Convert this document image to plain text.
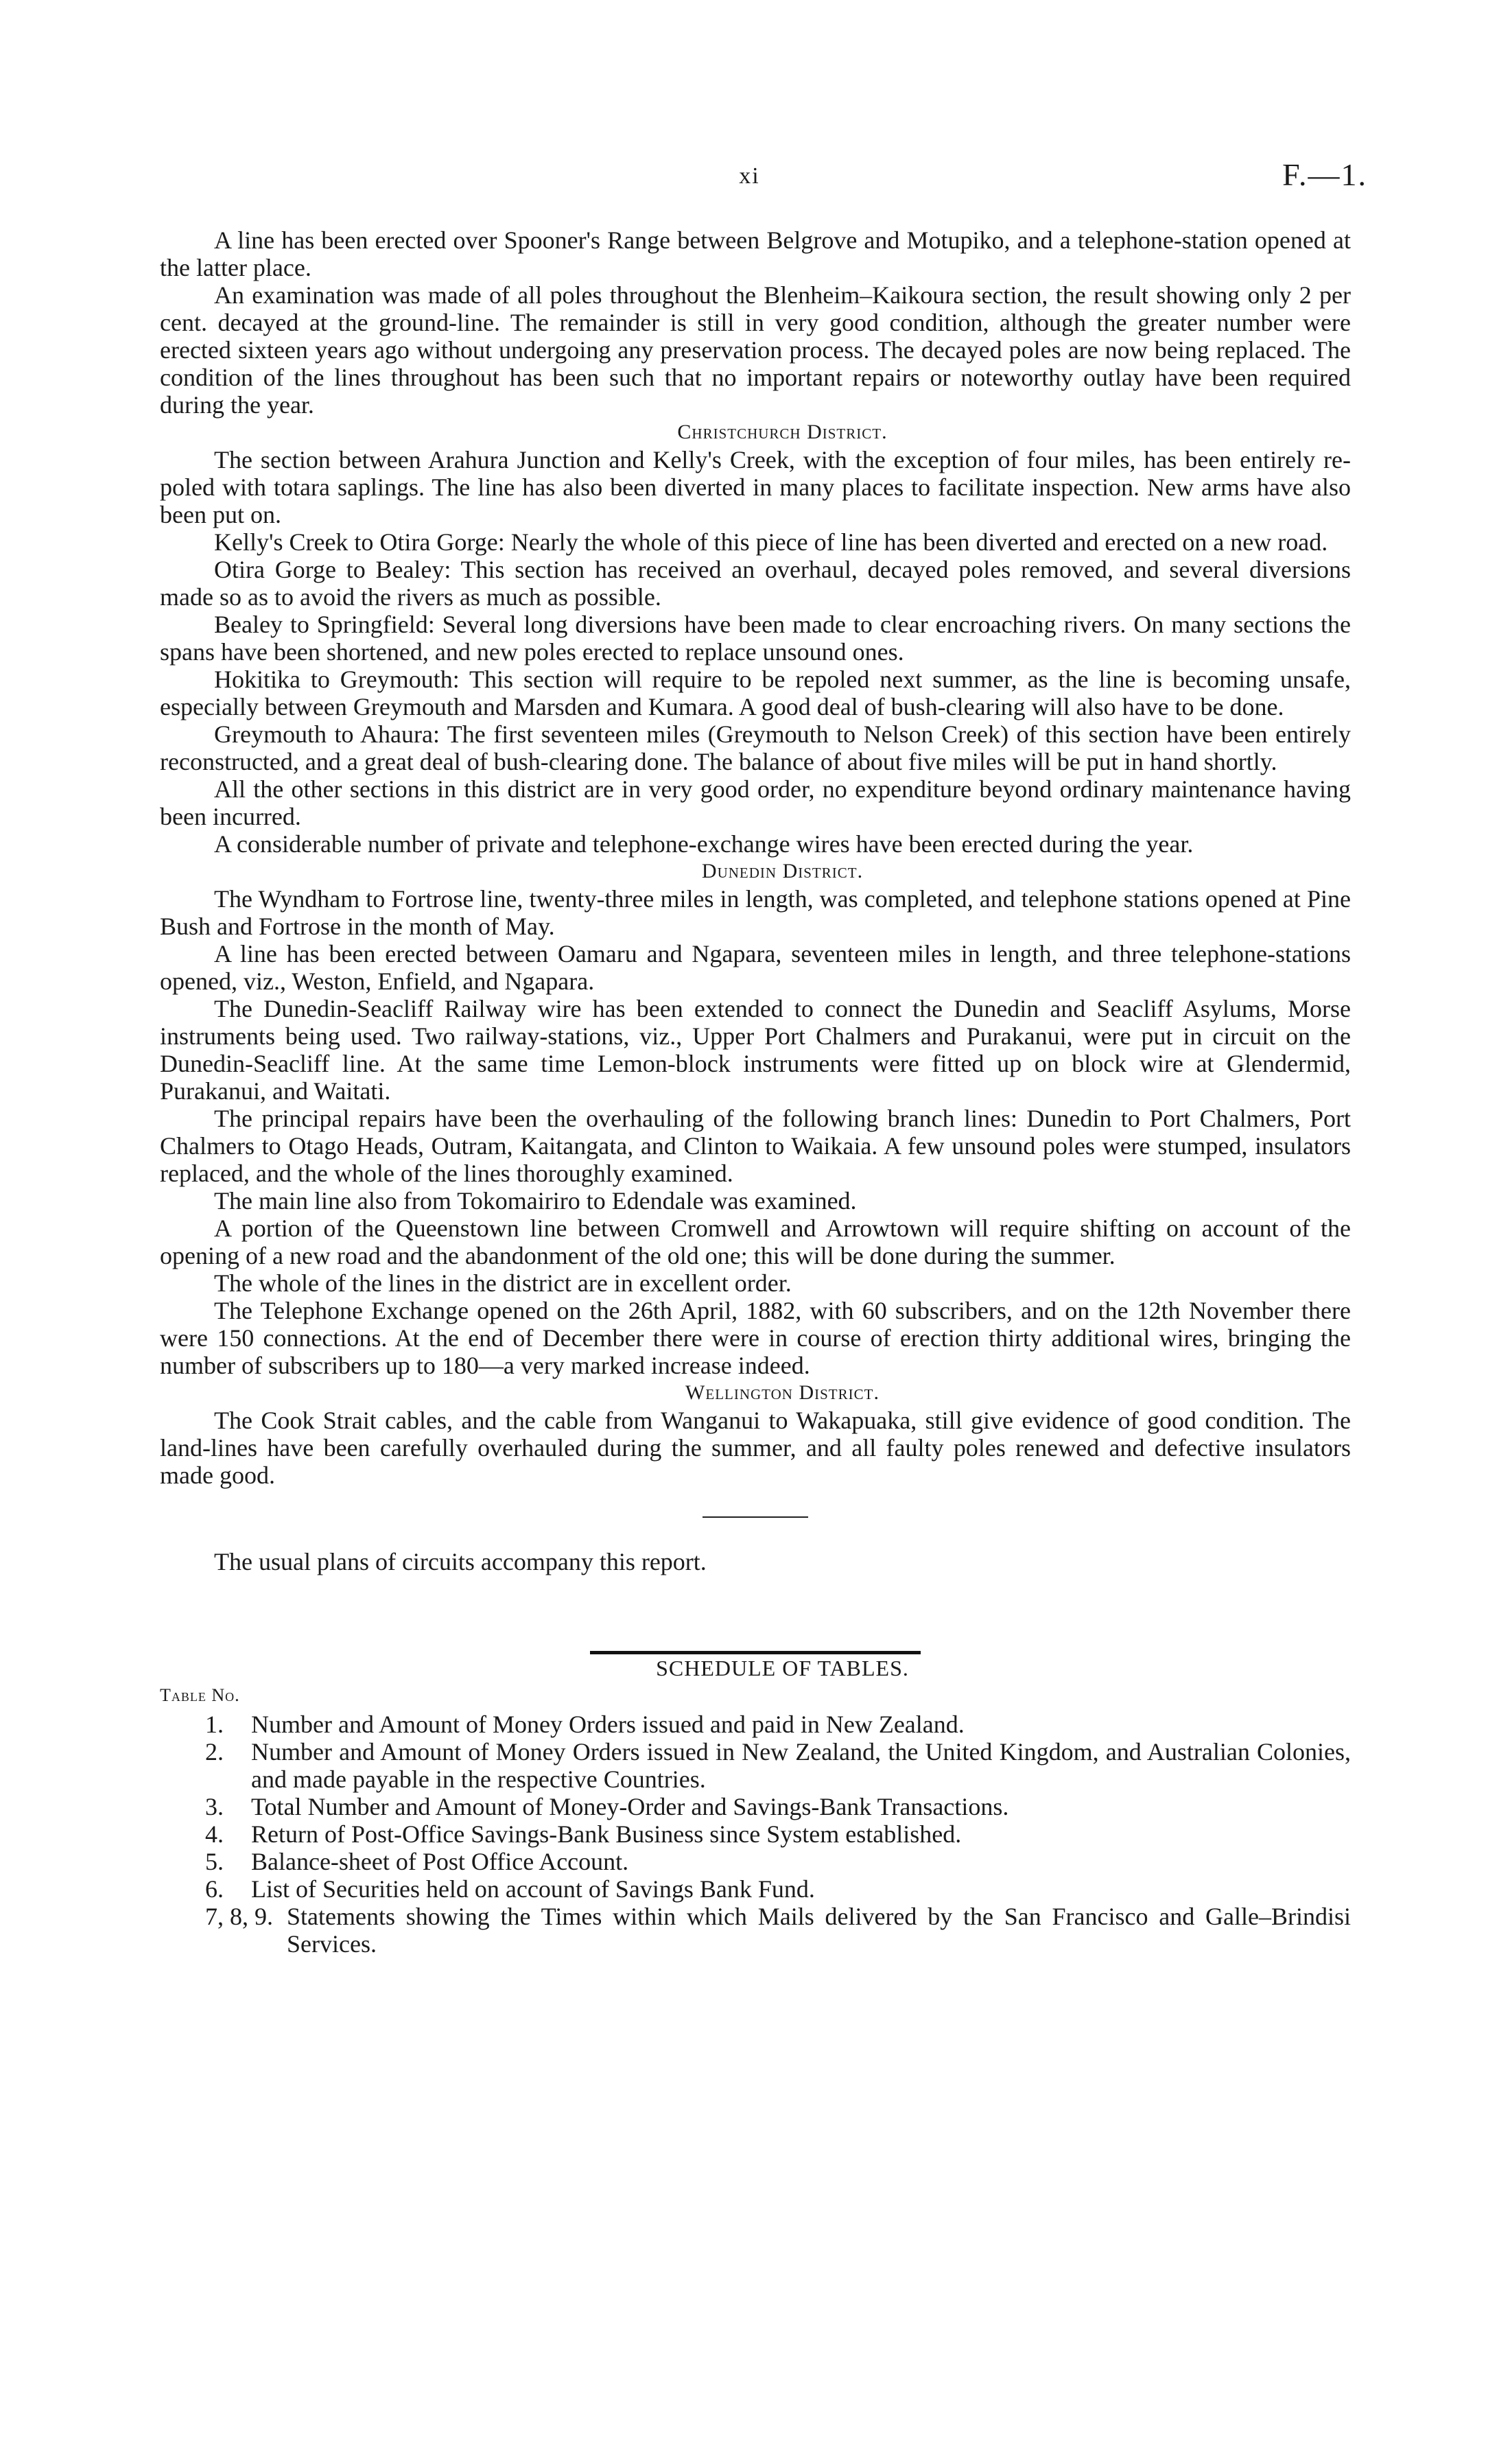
xi	F.—1.

A line has been erected over Spooner's Range between Belgrove and Motupiko, and a telephone-station opened at the latter place.

An examination was made of all poles throughout the Blenheim–Kaikoura section, the result showing only 2 per cent. decayed at the ground-line. The remainder is still in very good condition, although the greater number were erected sixteen years ago without undergoing any preservation process. The decayed poles are now being replaced. The condition of the lines throughout has been such that no important repairs or noteworthy outlay have been required during the year.

Christchurch District.

The section between Arahura Junction and Kelly's Creek, with the exception of four miles, has been entirely re-poled with totara saplings. The line has also been diverted in many places to facilitate inspection. New arms have also been put on.

Kelly's Creek to Otira Gorge: Nearly the whole of this piece of line has been diverted and erected on a new road.

Otira Gorge to Bealey: This section has received an overhaul, decayed poles removed, and several diversions made so as to avoid the rivers as much as possible.

Bealey to Springfield: Several long diversions have been made to clear encroaching rivers. On many sections the spans have been shortened, and new poles erected to replace unsound ones.

Hokitika to Greymouth: This section will require to be repoled next summer, as the line is becoming unsafe, especially between Greymouth and Marsden and Kumara. A good deal of bush-clearing will also have to be done.

Greymouth to Ahaura: The first seventeen miles (Greymouth to Nelson Creek) of this section have been entirely reconstructed, and a great deal of bush-clearing done. The balance of about five miles will be put in hand shortly.

All the other sections in this district are in very good order, no expenditure beyond ordinary maintenance having been incurred.

A considerable number of private and telephone-exchange wires have been erected during the year.

Dunedin District.

The Wyndham to Fortrose line, twenty-three miles in length, was completed, and telephone stations opened at Pine Bush and Fortrose in the month of May.

A line has been erected between Oamaru and Ngapara, seventeen miles in length, and three telephone-stations opened, viz., Weston, Enfield, and Ngapara.

The Dunedin-Seacliff Railway wire has been extended to connect the Dunedin and Seacliff Asylums, Morse instruments being used. Two railway-stations, viz., Upper Port Chalmers and Purakanui, were put in circuit on the Dunedin-Seacliff line. At the same time Lemon-block instruments were fitted up on block wire at Glendermid, Purakanui, and Waitati.

The principal repairs have been the overhauling of the following branch lines: Dunedin to Port Chalmers, Port Chalmers to Otago Heads, Outram, Kaitangata, and Clinton to Waikaia. A few unsound poles were stumped, insulators replaced, and the whole of the lines thoroughly examined.

The main line also from Tokomairiro to Edendale was examined.

A portion of the Queenstown line between Cromwell and Arrowtown will require shifting on account of the opening of a new road and the abandonment of the old one; this will be done during the summer.

The whole of the lines in the district are in excellent order.

The Telephone Exchange opened on the 26th April, 1882, with 60 subscribers, and on the 12th November there were 150 connections. At the end of December there were in course of erection thirty additional wires, bringing the number of subscribers up to 180—a very marked increase indeed.

Wellington District.

The Cook Strait cables, and the cable from Wanganui to Wakapuaka, still give evidence of good condition. The land-lines have been carefully overhauled during the summer, and all faulty poles renewed and defective insulators made good.

The usual plans of circuits accompany this report.

SCHEDULE OF TABLES.

Table No.
1. Number and Amount of Money Orders issued and paid in New Zealand.
2. Number and Amount of Money Orders issued in New Zealand, the United Kingdom, and Australian Colonies, and made payable in the respective Countries.
3. Total Number and Amount of Money-Order and Savings-Bank Transactions.
4. Return of Post-Office Savings-Bank Business since System established.
5. Balance-sheet of Post Office Account.
6. List of Securities held on account of Savings Bank Fund.
7, 8, 9. Statements showing the Times within which Mails delivered by the San Francisco and Galle–Brindisi Services.
